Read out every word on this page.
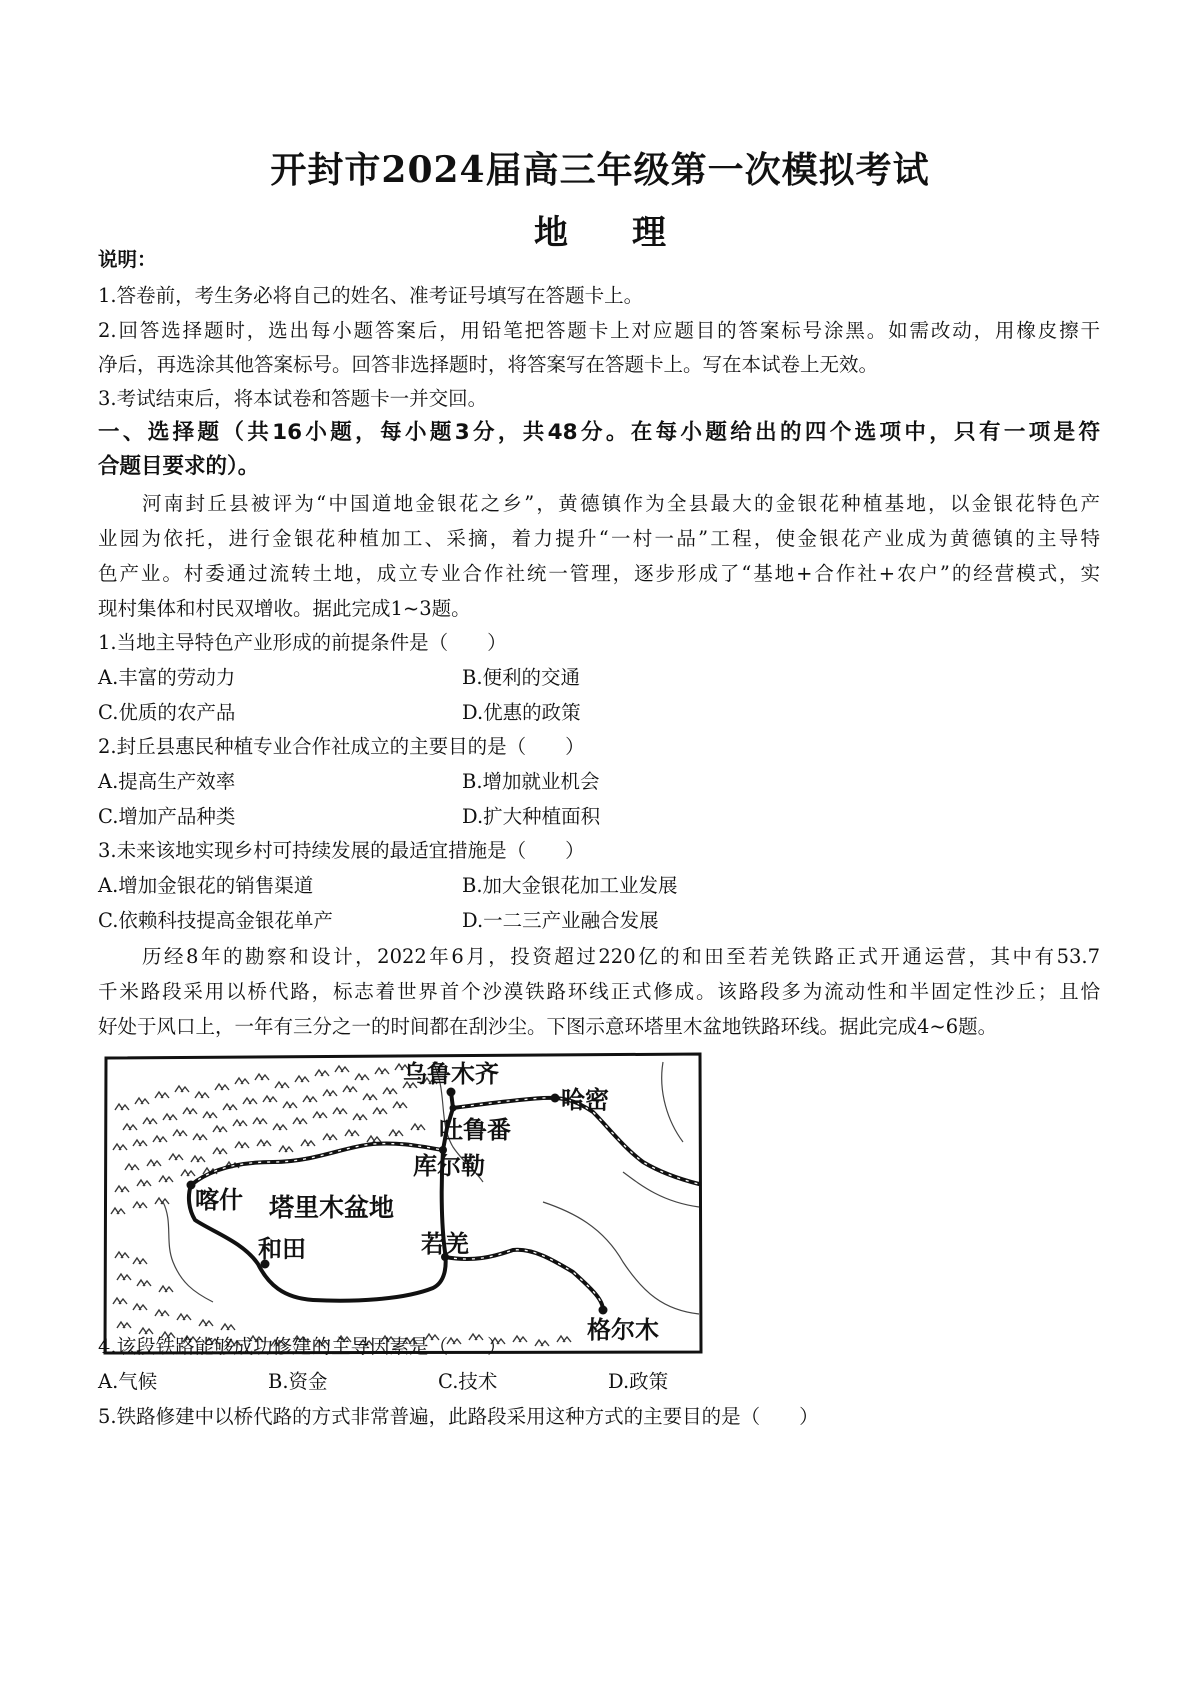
开封市2024届高三年级第一次模拟考试
地 理
说明：
1.答卷前，考生务必将自己的姓名、准考证号填写在答题卡上。
2.回答选择题时，选出每小题答案后，用铅笔把答题卡上对应题目的答案标号涂黑。如需改动，用橡皮擦干
净后，再选涂其他答案标号。回答非选择题时，将答案写在答题卡上。写在本试卷上无效。
3.考试结束后，将本试卷和答题卡一并交回。
一、选择题（共16小题，每小题3分，共48分。在每小题给出的四个选项中，只有一项是符
合题目要求的）。
河南封丘县被评为“中国道地金银花之乡”，黄德镇作为全县最大的金银花种植基地，以金银花特色产
业园为依托，进行金银花种植加工、采摘，着力提升“一村一品”工程，使金银花产业成为黄德镇的主导特
色产业。村委通过流转土地，成立专业合作社统一管理，逐步形成了“基地+合作社+农户”的经营模式，实
现村集体和村民双增收。据此完成1~3题。
1.当地主导特色产业形成的前提条件是（　　）
A.丰富的劳动力	B.便利的交通
C.优质的农产品	D.优惠的政策
2.封丘县惠民种植专业合作社成立的主要目的是（　　）
A.提高生产效率	B.增加就业机会
C.增加产品种类	D.扩大种植面积
3.未来该地实现乡村可持续发展的最适宜措施是（　　）
A.增加金银花的销售渠道	B.加大金银花加工业发展
C.依赖科技提高金银花单产	D.一二三产业融合发展
历经8年的勘察和设计，2022年6月，投资超过220亿的和田至若羌铁路正式开通运营，其中有53.7
千米路段采用以桥代路，标志着世界首个沙漠铁路环线正式修成。该路段多为流动性和半固定性沙丘；且恰
好处于风口上，一年有三分之一的时间都在刮沙尘。下图示意环塔里木盆地铁路环线。据此完成4~6题。
乌鲁木齐
哈密
吐鲁番
库尔勒
喀什 塔里木盆地
和田	若羌
格尔木
4.该段铁路能够成功修建的主导因素是（　　）
A.气候	B.资金	C.技术	D.政策
5.铁路修建中以桥代路的方式非常普遍，此路段采用这种方式的主要目的是（　　）
